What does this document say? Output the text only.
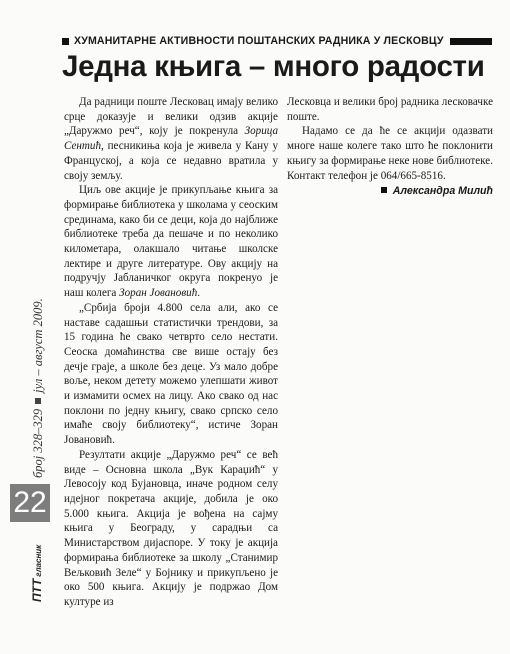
ХУМАНИТАРНЕ АКТИВНОСТИ ПОШТАНСКИХ РАДНИКА У ЛЕСКОВЦУ
Једна књига – много радости

Да радници поште Лесковац имају велико срце доказује и велики одзив акције „Даружмо реч“, коју је покренула Зорица Сентић, песникиња која је живела у Кану у Француској, а која се недавно вратила у своју земљу.

Циљ ове акције је прикупљање књига за формирање библиотека у школама у сеоским срединама, како би се деци, која до најближе библиотеке треба да пешаче и по неколико километара, олакшало читање школске лектире и друге литературе. Ову акцију на подручју Јабланичког округа покренуо је наш колега Зоран Јовановић.

„Србија броји 4.800 села али, ако се наставе садашњи статистички трендови, за 15 година ће свако четврто село нестати. Сеоска домаћинства све више остају без дечје граје, а школе без деце. Уз мало добре воље, неком детету можемо улепшати живот и измамити осмех на лицу. Ако свако од нас поклони по једну књигу, свако српско село имаће своју библиотеку“, истиче Зоран Јовановић.

Резултати акције „Даружмо реч“ се већ виде – Основна школа „Вук Караџић“ у Левосоју код Бујановца, иначе родном селу идејног покретача акције, добила је око 5.000 књига. Акција је вођена на сајму књига у Београду, у сарадњи са Министарством дијаспоре. У току је акција формирања библиотеке за школу „Станимир Вељковић Зеле“ у Бојнику и прикупљено је око 500 књига. Акцију је подржао Дом културе из

Лесковца и велики број радника лесковачке поште.

Надамо се да ће се акцији одазвати многе наше колеге тако што ће поклонити књигу за формирање неке нове библиотеке. Контакт телефон је 064/665-8516.

Александра Милић
број 328–329јул – август 2009.
22
ПТТгласник
